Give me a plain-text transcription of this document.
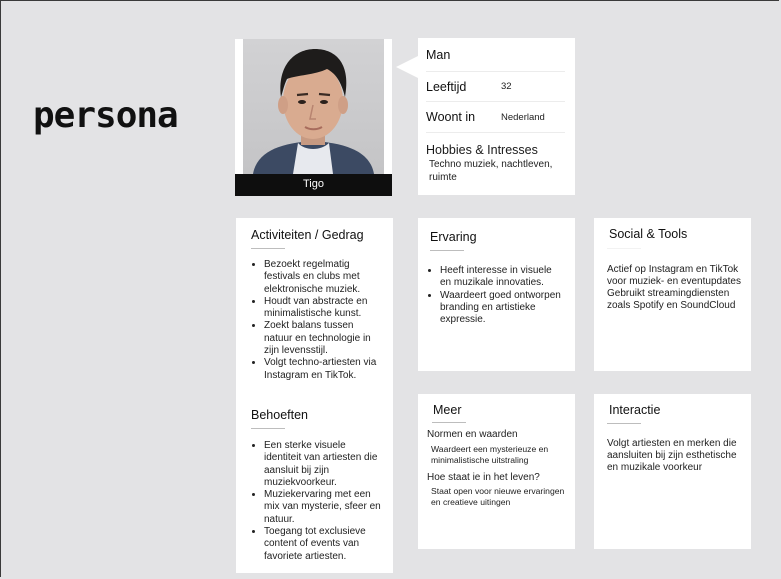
persona
Tigo
Man
Leeftijd	32
Woont in	Nederland
Hobbies & Intresses
Techno muziek, nachtleven, ruimte
Activiteiten / Gedrag
• Bezoekt regelmatig festivals en clubs met elektronische muziek.
• Houdt van abstracte en minimalistische kunst.
• Zoekt balans tussen natuur en technologie in zijn levensstijl.
• Volgt techno-artiesten via Instagram en TikTok.
Behoeften
• Een sterke visuele identiteit van artiesten die aansluit bij zijn muziekvoorkeur.
• Muziekervaring met een mix van mysterie, sfeer en natuur.
• Toegang tot exclusieve content of events van favoriete artiesten.
Ervaring
• Heeft interesse in visuele en muzikale innovaties.
• Waardeert goed ontworpen branding en artistieke expressie.
Social & Tools
Actief op Instagram en TikTok voor muziek- en eventupdates
Gebruikt streamingdiensten zoals Spotify en SoundCloud
Meer
Normen en waarden
Waardeert een mysterieuze en minimalistische uitstraling
Hoe staat ie in het leven?
Staat open voor nieuwe ervaringen en creatieve uitingen
Interactie
Volgt artiesten en merken die aansluiten bij zijn esthetische en muzikale voorkeur
